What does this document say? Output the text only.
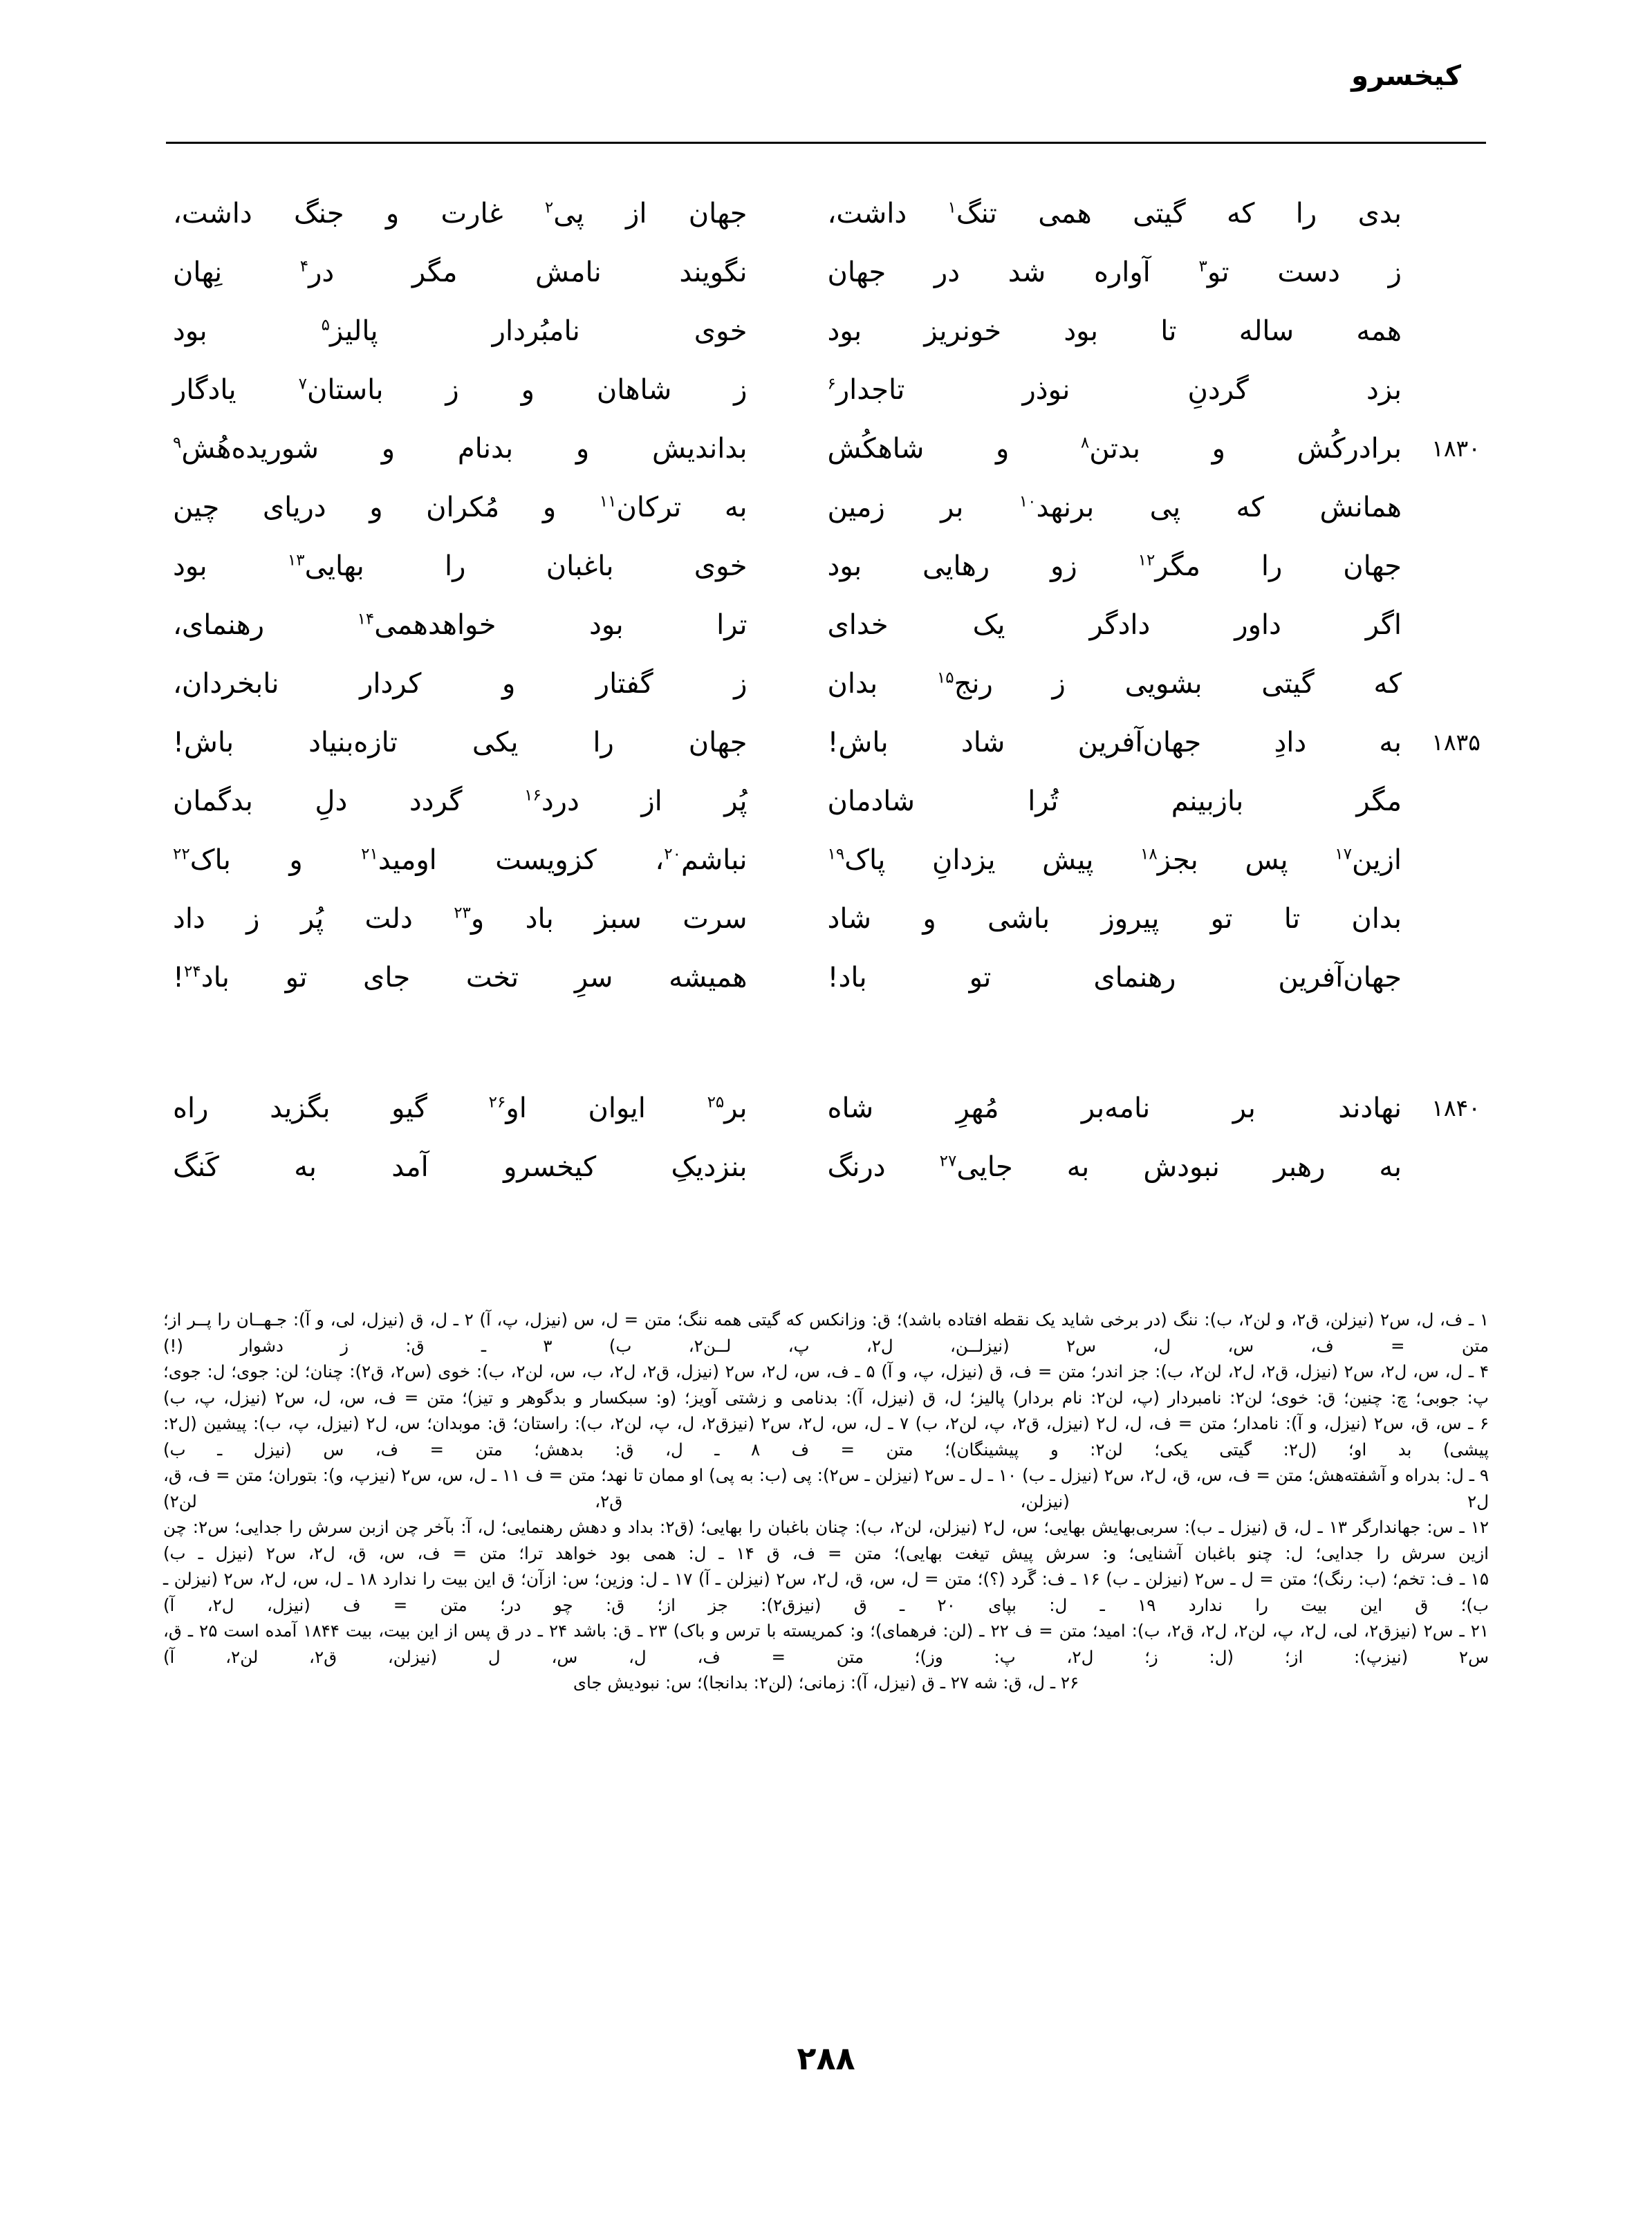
کیخسرو
بدی را که گیتی همی تنگ$^۱$ داشت،
جهان از پی$^۲$ غارت و جنگ داشت،
ز دست تو$^۳$ آواره شد در جهان
نگویند نامش مگر در$^۴$ نِهان
همه ساله تا بود خونریز بود
خوی نامبُردار پالیز$^۵$ بود
بزد گردنِ نوذر تاجدار$^۶$
ز شاهان و ز باستان$^۷$ یادگار
۱۸۳۰
برادرکُش و بدتن$^۸$ و شاهکُش
بداندیش و بدنام و شوریده‌هُش$^۹$
همانش که پی برنهد$^{۱۰}$ بر زمین
به ترکان$^{۱۱}$ و مُکران و دریای چین
جهان را مگر$^{۱۲}$ زو رهایی بود
خوی باغبان را بهایی$^{۱۳}$ بود
اگر داور دادگر یک خدای
ترا بود خواهدهمی$^{۱۴}$ رهنمای،
که گیتی بشویی ز رنج$^{۱۵}$ بدان
ز گفتار و کردار نابخردان،
۱۸۳۵
به دادِ جهان‌آفرین شاد باش!
جهان را یکی تازه‌بنیاد باش!
مگر بازبینم تُرا شادمان
پُر از درد$^{۱۶}$ گردد دلِ بدگمان
ازین$^{۱۷}$ پس بجز$^{۱۸}$ پیش یزدانِ پاک$^{۱۹}$
نباشم$^{۲۰}$، کزویست اومید$^{۲۱}$ و باک$^{۲۲}$
بدان تا تو پیروز باشی و شاد
سرت سبز باد و$^{۲۳}$ دلت پُر ز داد
جهان‌آفرین رهنمای تو باد!
همیشه سرِ تخت جای تو باد$^{۲۴}$!
۱۸۴۰
نهادند بر نامه‌بر مُهرِ شاه
بر$^{۲۵}$ ایوان او$^{۲۶}$ گیو بگزید راه
به رهبر نبودش به جایی$^{۲۷}$ درنگ
بنزدیکِ کیخسرو آمد به کَنگ

۱ ـ ف، ل، س٢ (نیز‌لن، ق٢، و لن٢، ب): ننگ (در برخی شاید یک نقطه افتاده باشد)؛ ق: وزانکس که گیتی همه ننگ؛ متن = ل، س (نیز‌ل، پ، آ) ۲ ـ ل، ق (نیز‌ل، لی، و آ): جـهــان را پــر از؛ متن = ف، س، ل، س٢ (نیز‌لــن، ل٢، پ، لــن٢، ب) ۳ ـ ق: ز دشوار (!)

۴ ـ ل، س، ل٢، س٢ (نیز‌ل، ق٢، ل٢، لن٢، ب): جز اندر؛ متن = ف، ق (نیز‌ل، پ، و آ) ۵ ـ ف، س، ل٢، س٢ (نیز‌ل، ق٢، ل٢، ب، س، لن٢، ب): خوی (س٢، ق٢): چنان؛ لن: جوی؛ ل: جوی؛ پ: جوبی؛ چ: چنین؛ ق: خوی؛ لن٢: نامبردار (پ، لن٢: نام بردار) پالیز؛ ل، ق (نیز‌ل، آ): بدنامی و زشتی آویز؛ (و: سبکسار و بدگوهر و تیز)؛ متن = ف، س، ل، س٢ (نیز‌ل، پ، ب)

۶ ـ س، ق، س٢ (نیز‌ل، و آ): نامدار؛ متن = ف، ل، ل٢ (نیز‌ل، ق٢، پ، لن٢، ب) ۷ ـ ل، س، ل٢، س٢ (نیز‌ق٢، ل، پ، لن٢، ب): راستان؛ ق: موبدان؛ س، ل٢ (نیز‌ل، پ، ب): پیشین (ل٢: پیشی) بد او؛ (ل٢: گیتی یکی؛ لن٢: و پیشینگان)؛ متن = ف ۸ ـ ل، ق: بدهش؛ متن = ف، س (نیز‌ل ـ ب)

۹ ـ ل: بدراه و آشفته‌هش؛ متن = ف، س، ق، ل٢، س٢ (نیز‌ل ـ ب) ۱۰ ـ ل ـ س٢ (نیز‌لن ـ س٢): پی (ب: به پی) او ممان تا نهد؛ متن = ف ۱۱ ـ ل، س، س٢ (نیز‌پ، و): بتوران؛ متن = ف، ق، ل٢ (نیز‌لن، ق٢، لن٢)

۱۲ ـ س: جهاندارگر ۱۳ ـ ل، ق (نیز‌ل ـ ب): سربی‌بهایش بهایی؛ س، ل٢ (نیز‌لن، لن٢، ب): چنان باغبان را بهایی؛ (ق٢: بداد و دهش رهنمایی؛ ل، آ: بآخر چن ازبن سرش را جدایی؛ س٢: چن ازین سرش را جدایی؛ ل: چنو باغبان آشنایی؛ و: سرش پیش تیغت بهایی)؛ متن = ف، ق ۱۴ ـ ل: همی بود خواهد ترا؛ متن = ف، س، ق، ل٢، س٢ (نیز‌ل ـ ب)

۱۵ ـ ف: تخم؛ (ب: رنگ)؛ متن = ل ـ س٢ (نیز‌لن ـ ب) ۱۶ ـ ف: گَرد (؟)؛ متن = ل، س، ق، ل٢، س٢ (نیز‌لن ـ آ) ۱۷ ـ ل: وزین؛ س: ازآن؛ ق این بیت را ندارد ۱۸ ـ ل، س، ل٢، س٢ (نیز‌لن ـ ب)؛ ق این بیت را ندارد ۱۹ ـ ل: بپای ۲۰ ـ ق (نیز‌ق٢): جز از؛ ق: چو در؛ متن = ف (نیز‌ل، ل٢، آ)

۲۱ ـ س٢ (نیز‌ق٢، لی، ل٢، پ، لن٢، ل٢، ق٢، ب): امید؛ متن = ف ۲۲ ـ (لن: فرهمای)؛ و: کمریسته با ترس و باک) ۲۳ ـ ق: باشد ۲۴ ـ در ق پس از این بیت، بیت ۱۸۴۴ آمده است ۲۵ ـ ق، س٢ (نیز‌پ): از؛ (ل: ز؛ ل٢، پ: وز)؛ متن = ف، ل، س، ل (نیز‌لن، ق٢، لن٢، آ)

۲۶ ـ ل، ق: شه ۲۷ ـ ق (نیز‌ل، آ): زمانی؛ (لن٢: بدانجا)؛ س: نبودیش جای

۲۸۸
